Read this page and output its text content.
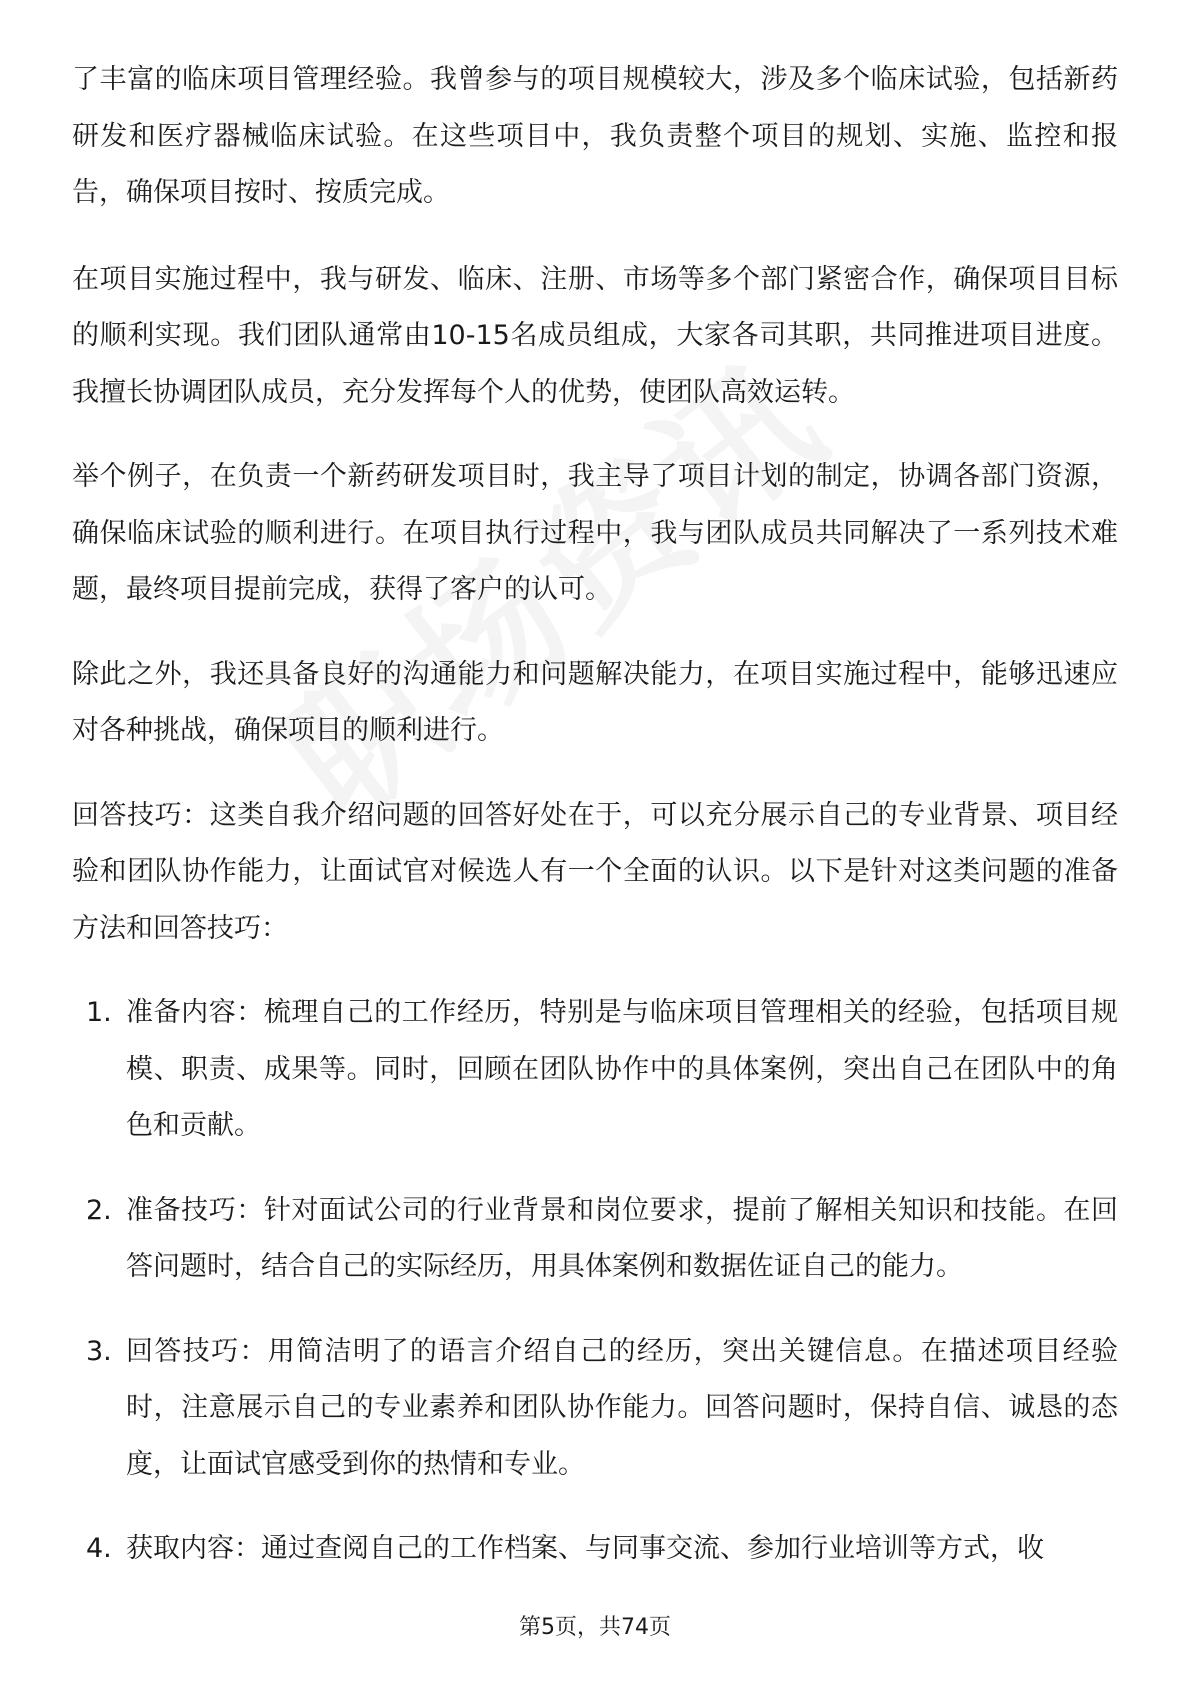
了丰富的临床项目管理经验。我曾参与的项目规模较大，涉及多个临床试验，包括新药研发和医疗器械临床试验。在这些项目中，我负责整个项目的规划、实施、监控和报告，确保项目按时、按质完成。

在项目实施过程中，我与研发、临床、注册、市场等多个部门紧密合作，确保项目目标的顺利实现。我们团队通常由10-15名成员组成，大家各司其职，共同推进项目进度。我擅长协调团队成员，充分发挥每个人的优势，使团队高效运转。

举个例子，在负责一个新药研发项目时，我主导了项目计划的制定，协调各部门资源，确保临床试验的顺利进行。在项目执行过程中，我与团队成员共同解决了一系列技术难题，最终项目提前完成，获得了客户的认可。

除此之外，我还具备良好的沟通能力和问题解决能力，在项目实施过程中，能够迅速应对各种挑战，确保项目的顺利进行。

回答技巧：这类自我介绍问题的回答好处在于，可以充分展示自己的专业背景、项目经验和团队协作能力，让面试官对候选人有一个全面的认识。以下是针对这类问题的准备方法和回答技巧：

1. 准备内容：梳理自己的工作经历，特别是与临床项目管理相关的经验，包括项目规模、职责、成果等。同时，回顾在团队协作中的具体案例，突出自己在团队中的角色和贡献。
2. 准备技巧：针对面试公司的行业背景和岗位要求，提前了解相关知识和技能。在回答问题时，结合自己的实际经历，用具体案例和数据佐证自己的能力。
3. 回答技巧：用简洁明了的语言介绍自己的经历，突出关键信息。在描述项目经验时，注意展示自己的专业素养和团队协作能力。回答问题时，保持自信、诚恳的态度，让面试官感受到你的热情和专业。
4. 获取内容：通过查阅自己的工作档案、与同事交流、参加行业培训等方式，收
第5页，共74页
